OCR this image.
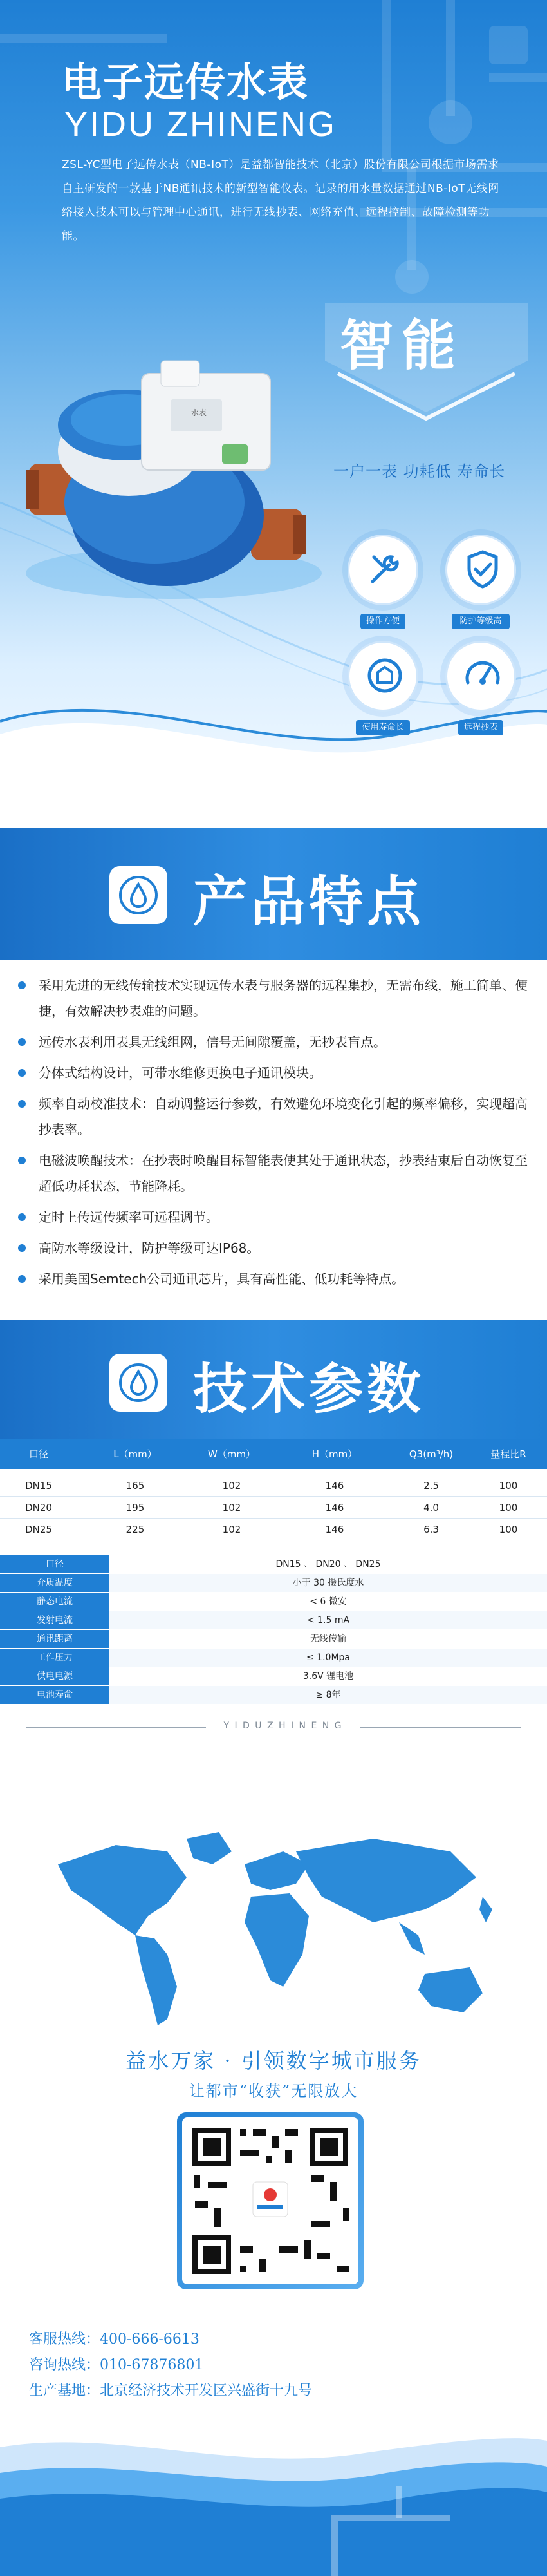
电子远传水表
YIDU ZHINENG
ZSL-YC型电子远传水表（NB-IoT）是益都智能技术（北京）股份有限公司根据市场需求自主研发的一款基于NB通讯技术的新型智能仪表。记录的用水量数据通过NB-IoT无线网络接入技术可以与管理中心通讯，进行无线抄表、网络充值、远程控制、故障检测等功能。
智能
水表
一户一表 功耗低 寿命长
操作方便	防护等级高
使用寿命长	远程抄表
产品特点
采用先进的无线传输技术实现远传水表与服务器的远程集抄，无需布线，施工简单、便捷，有效解决抄表难的问题。
远传水表利用表具无线组网，信号无间隙覆盖，无抄表盲点。
分体式结构设计，可带水维修更换电子通讯模块。
频率自动校准技术：自动调整运行参数，有效避免环境变化引起的频率偏移，实现超高抄表率。
电磁波唤醒技术：在抄表时唤醒目标智能表使其处于通讯状态，抄表结束后自动恢复至超低功耗状态，节能降耗。
定时上传远传频率可远程调节。
高防水等级设计，防护等级可达IP68。
采用美国Semtech公司通讯芯片，具有高性能、低功耗等特点。
技术参数
口径	L（mm）	W（mm）	H（mm）	Q3(m³/h)	量程比R
DN15	165	102	146	2.5	100
DN20	195	102	146	4.0	100
DN25	225	102	146	6.3	100
口径	DN15 、 DN20 、 DN25
介质温度	小于 30 摄氏度水
静态电流	< 6 微安
发射电流	< 1.5 mA
通讯距离	无线传输
工作压力	≤ 1.0Mpa
供电电源	3.6V 锂电池
电池寿命	≥ 8年
Y I D U Z H I N E N G
益水万家 · 引领数字城市服务
让都市“收获”无限放大
客服热线：400-666-6613
咨询热线：010-67876801
生产基地：北京经济技术开发区兴盛街十九号
